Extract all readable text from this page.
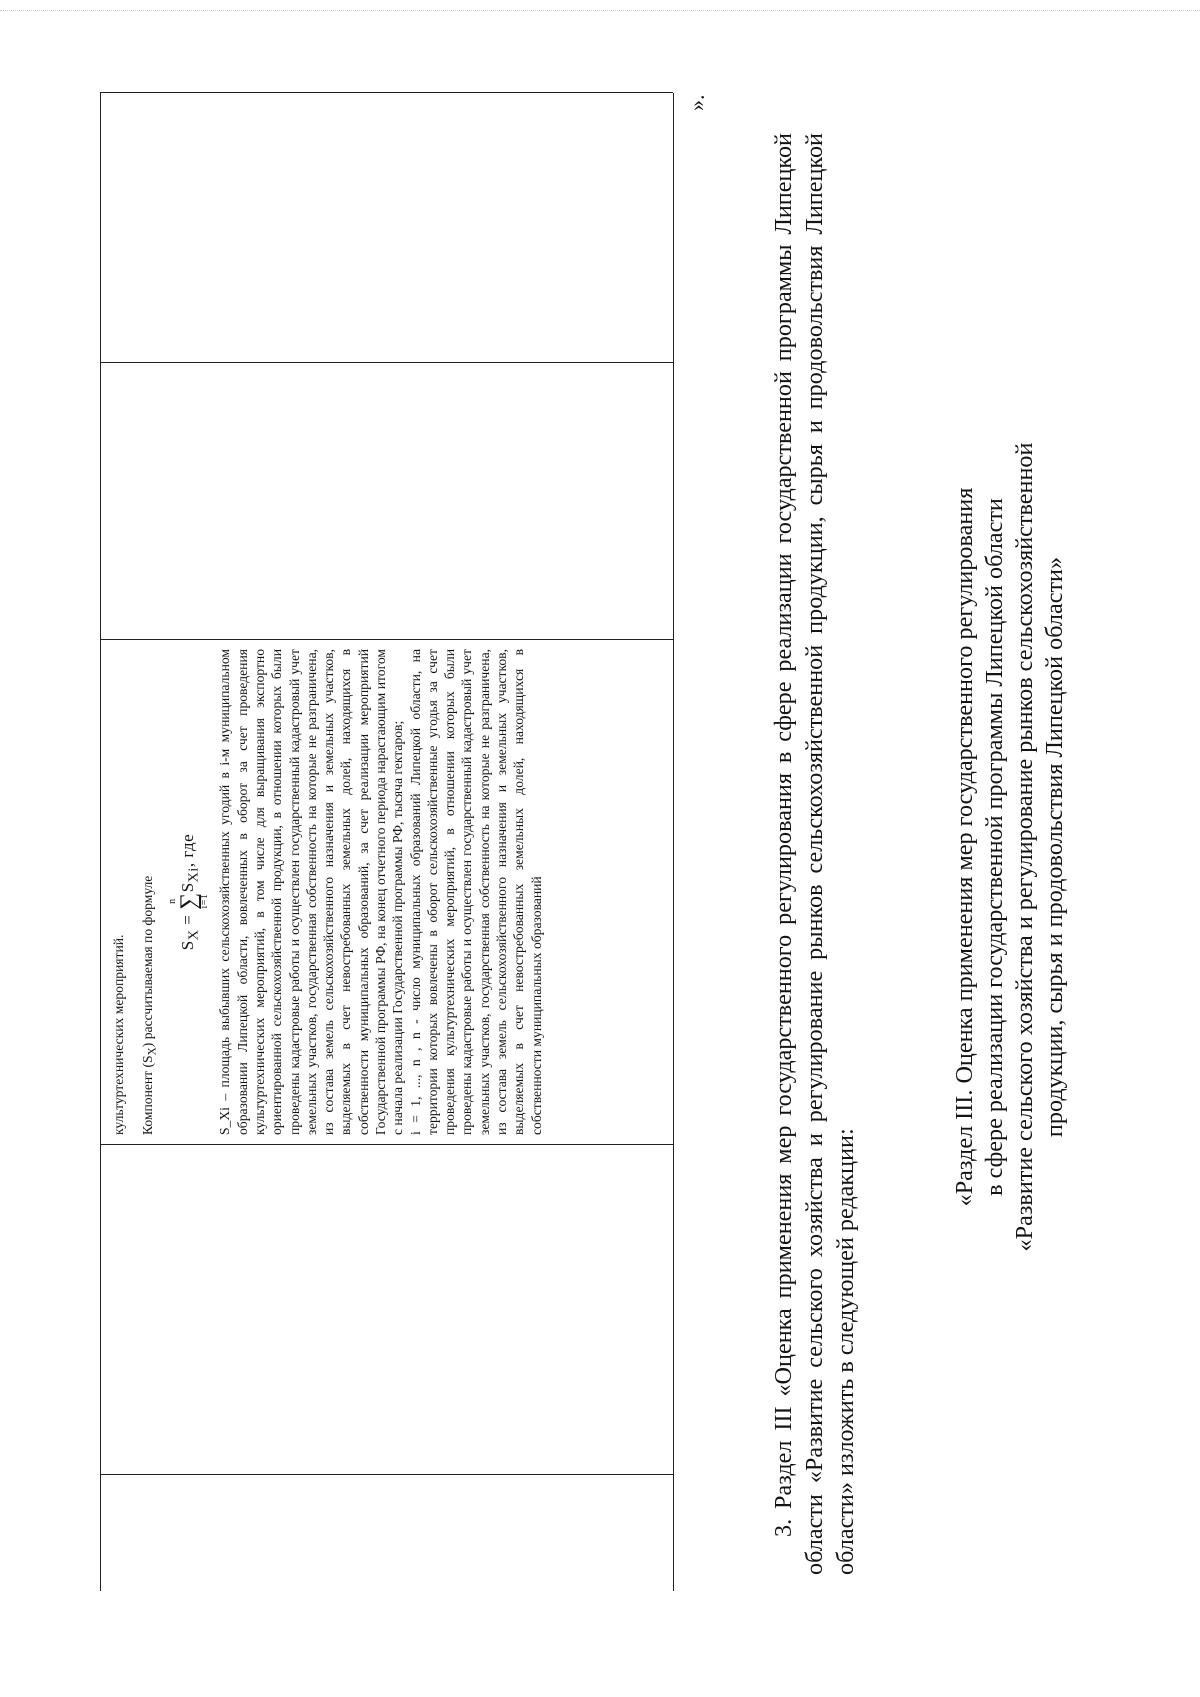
культуртехнических мероприятий. Компонент $(S_X)$ рассчитываемая по формуле	$S_X$ =
n
∑
i=1
$S_{Xi}$, где	S_Xi – площадь выбывших сельскохозяйственных угодий в i-м муниципальном образовании Липецкой области, вовлеченных в оборот за счет проведения культуртехнических мероприятий, в том числе для выращивания экспортно ориентированной сельскохозяйственной продукции, в отношении которых были проведены кадастровые работы и осуществлен государственный кадастровый учет земельных участков, государственная собственность на которые не разграничена, из состава земель сельскохозяйственного назначения и земельных участков, выделяемых в счет невостребованных земельных долей, находящихся в собственности муниципальных образований, за счет реализации мероприятий Государственной программы РФ, на конец отчетного периода нарастающим итогом с начала реализации Государственной программы РФ, тысяча гектаров; i = 1, ..., n , n - число муниципальных образований Липецкой области, на территории которых вовлечены в оборот сельскохозяйственные угодья за счет проведения культуртехнических мероприятий, в отношении которых были проведены кадастровые работы и осуществлен государственный кадастровый учет земельных участков, государственная собственность на которые не разграничена, из состава земель сельскохозяйственного назначения и земельных участков, выделяемых в счет невостребованных земельных долей, находящихся в собственности муниципальных образований

».

3. Раздел III «Оценка применения мер государственного регулирования в сфере реализации государственной программы Липецкой области «Развитие сельского хозяйства и регулирование рынков сельскохозяйственной продукции, сырья и продовольствия Липецкой области» изложить в следующей редакции:

«Раздел III. Оценка применения мер государственного регулирования в сфере реализации государственной программы Липецкой области «Развитие сельского хозяйства и регулирование рынков сельскохозяйственной продукции, сырья и продовольствия Липецкой области»
